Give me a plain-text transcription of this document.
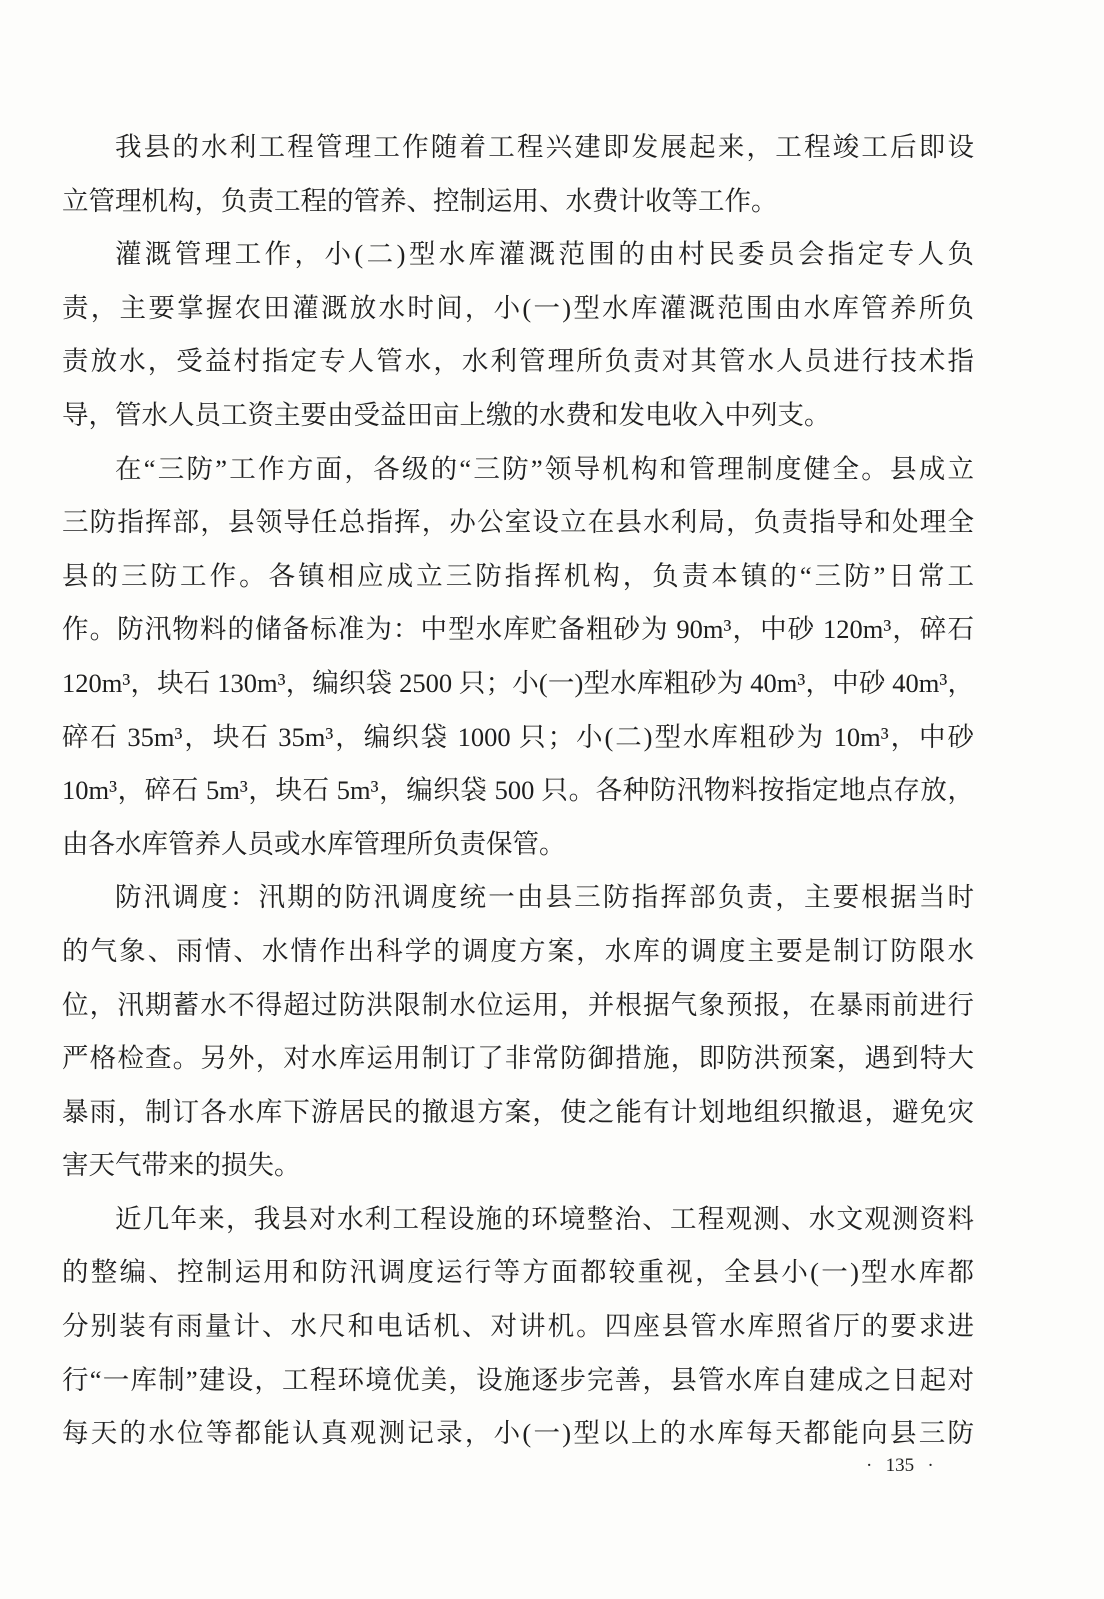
我县的水利工程管理工作随着工程兴建即发展起来，工程竣工后即设
立管理机构，负责工程的管养、控制运用、水费计收等工作。
灌溉管理工作，小(二)型水库灌溉范围的由村民委员会指定专人负
责，主要掌握农田灌溉放水时间，小(一)型水库灌溉范围由水库管养所负
责放水，受益村指定专人管水，水利管理所负责对其管水人员进行技术指
导，管水人员工资主要由受益田亩上缴的水费和发电收入中列支。
在“三防”工作方面，各级的“三防”领导机构和管理制度健全。县成立
三防指挥部，县领导任总指挥，办公室设立在县水利局，负责指导和处理全
县的三防工作。各镇相应成立三防指挥机构，负责本镇的“三防”日常工
作。防汛物料的储备标准为：中型水库贮备粗砂为 90m³，中砂 120m³，碎石
120m³，块石 130m³，编织袋 2500 只；小(一)型水库粗砂为 40m³，中砂 40m³，
碎石 35m³，块石 35m³，编织袋 1000 只；小(二)型水库粗砂为 10m³，中砂
10m³，碎石 5m³，块石 5m³，编织袋 500 只。各种防汛物料按指定地点存放，
由各水库管养人员或水库管理所负责保管。
防汛调度：汛期的防汛调度统一由县三防指挥部负责，主要根据当时
的气象、雨情、水情作出科学的调度方案，水库的调度主要是制订防限水
位，汛期蓄水不得超过防洪限制水位运用，并根据气象预报，在暴雨前进行
严格检查。另外，对水库运用制订了非常防御措施，即防洪预案，遇到特大
暴雨，制订各水库下游居民的撤退方案，使之能有计划地组织撤退，避免灾
害天气带来的损失。
近几年来，我县对水利工程设施的环境整治、工程观测、水文观测资料
的整编、控制运用和防汛调度运行等方面都较重视，全县小(一)型水库都
分别装有雨量计、水尺和电话机、对讲机。四座县管水库照省厅的要求进
行“一库制”建设，工程环境优美，设施逐步完善，县管水库自建成之日起对
每天的水位等都能认真观测记录，小(一)型以上的水库每天都能向县三防
· 135 ·
